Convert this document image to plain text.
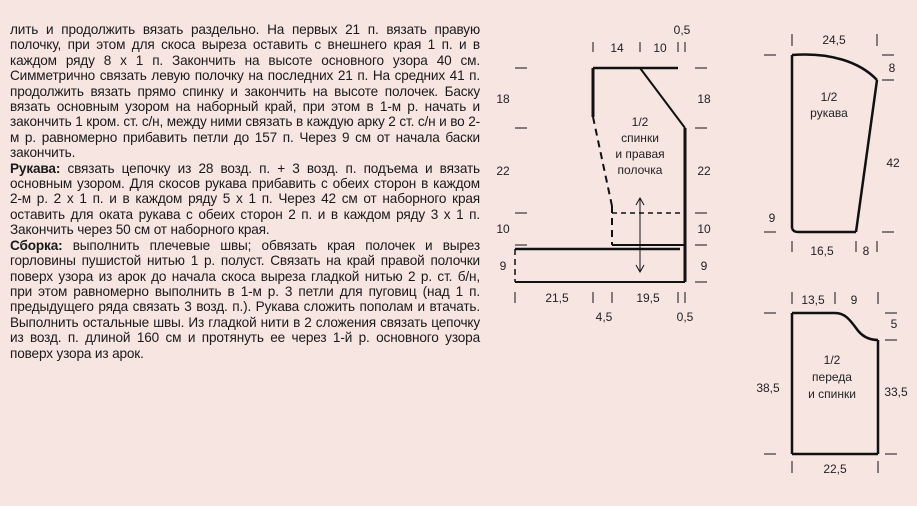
лить и продолжить вязать раздельно. На первых 21 п. вязать правую полочку, при этом для скоса выреза оставить с внешнего края 1 п. и в каждом ряду 8 х 1 п. Закончить на высоте основного узора 40 см. Симметрично связать левую полочку на последних 21 п. На средних 41 п. продолжить вязать прямо спинку и закончить на высоте полочек. Баску вязать основным узором на наборный край, при этом в 1-м р. начать и закончить 1 кром. ст. с/н, между ними связать в каждую арку 2 ст. с/н и во 2-м р. равномерно прибавить петли до 157 п. Через 9 см от начала баски закончить.

Рукава: связать цепочку из 28 возд. п. + 3 возд. п. подъема и вязать основным узором. Для скосов рукава прибавить с обеих сторон в каждом 2-м р. 2 х 1 п. и в каждом ряду 5 х 1 п. Через 42 см от наборного края оставить для оката рукава с обеих сторон 2 п. и в каждом ряду 3 х 1 п. Закончить через 50 см от наборного края.

Сборка: выполнить плечевые швы; обвязать края полочек и вырез горловины пушистой нитью 1 р. полуст. Связать на край правой полочки поверх узора из арок до начала скоса выреза гладкой нитью 2 р. ст. б/н, при этом равномерно выполнить в 1-м р. 3 петли для пуговиц (над 1 п. предыдущего ряда связать 3 возд. п.). Рукава сложить пополам и втачать. Выполнить остальные швы. Из гладкой нити в 2 сложения связать цепочку из возд. п. длиной 160 см и протянуть ее через 1-й р. основного узора поверх узора из арок.

1/2
спинки
и правая
полочка
14 10
0,5
18
22
10
9
18
22
10
9
21,5
4,5
19,5
0,5
1/2
рукава
24,5
8
42
9
16,5 8
1/2
переда
и спинки
13,5 9
5
38,5	33,5
22,5
